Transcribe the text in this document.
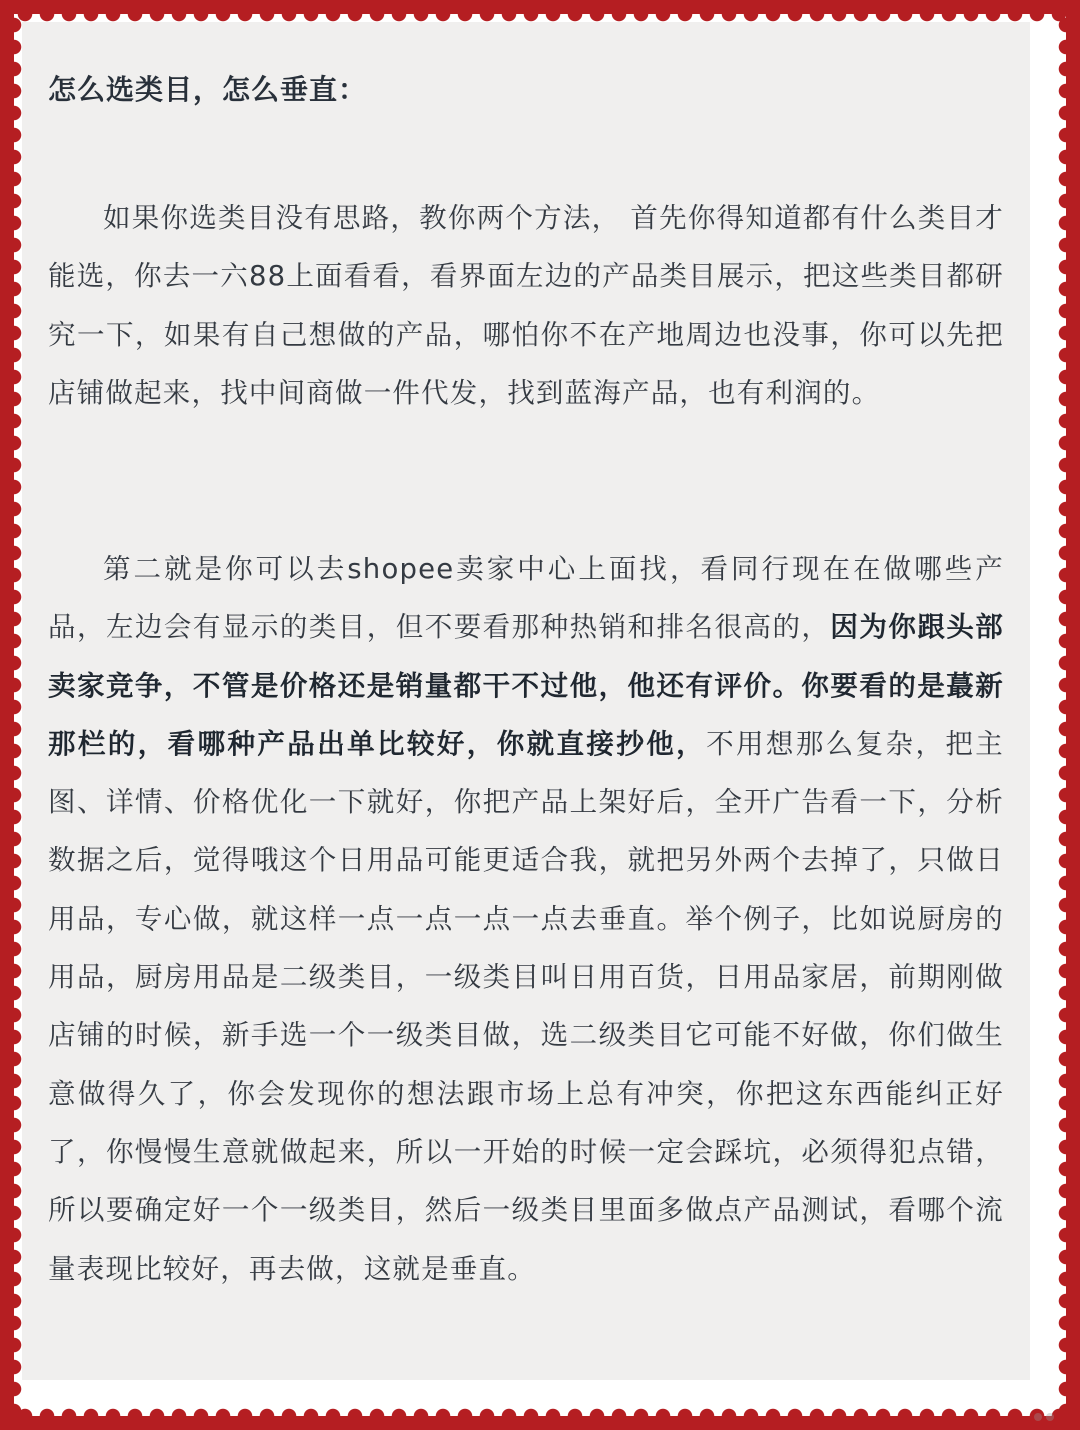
怎么选类目，怎么垂直：

如果你选类目没有思路，教你两个方法， 首先你得知道都有什么类目才能选，你去一六88上面看看，看界面左边的产品类目展示，把这些类目都研究一下，如果有自己想做的产品，哪怕你不在产地周边也没事，你可以先把店铺做起来，找中间商做一件代发，找到蓝海产品，也有利润的。

第二就是你可以去shopee卖家中心上面找，看同行现在在做哪些产品，左边会有显示的类目，但不要看那种热销和排名很高的，因为你跟头部卖家竞争，不管是价格还是销量都干不过他，他还有评价。你要看的是蕞新那栏的，看哪种产品出单比较好，你就直接抄他，不用想那么复杂，把主图、详情、价格优化一下就好，你把产品上架好后，全开广告看一下，分析数据之后，觉得哦这个日用品可能更适合我，就把另外两个去掉了，只做日用品，专心做，就这样一点一点一点一点去垂直。举个例子，比如说厨房的用品，厨房用品是二级类目，一级类目叫日用百货，日用品家居，前期刚做店铺的时候，新手选一个一级类目做，选二级类目它可能不好做，你们做生意做得久了，你会发现你的想法跟市场上总有冲突，你把这东西能纠正好了，你慢慢生意就做起来，所以一开始的时候一定会踩坑，必须得犯点错，所以要确定好一个一级类目，然后一级类目里面多做点产品测试，看哪个流量表现比较好，再去做，这就是垂直。
